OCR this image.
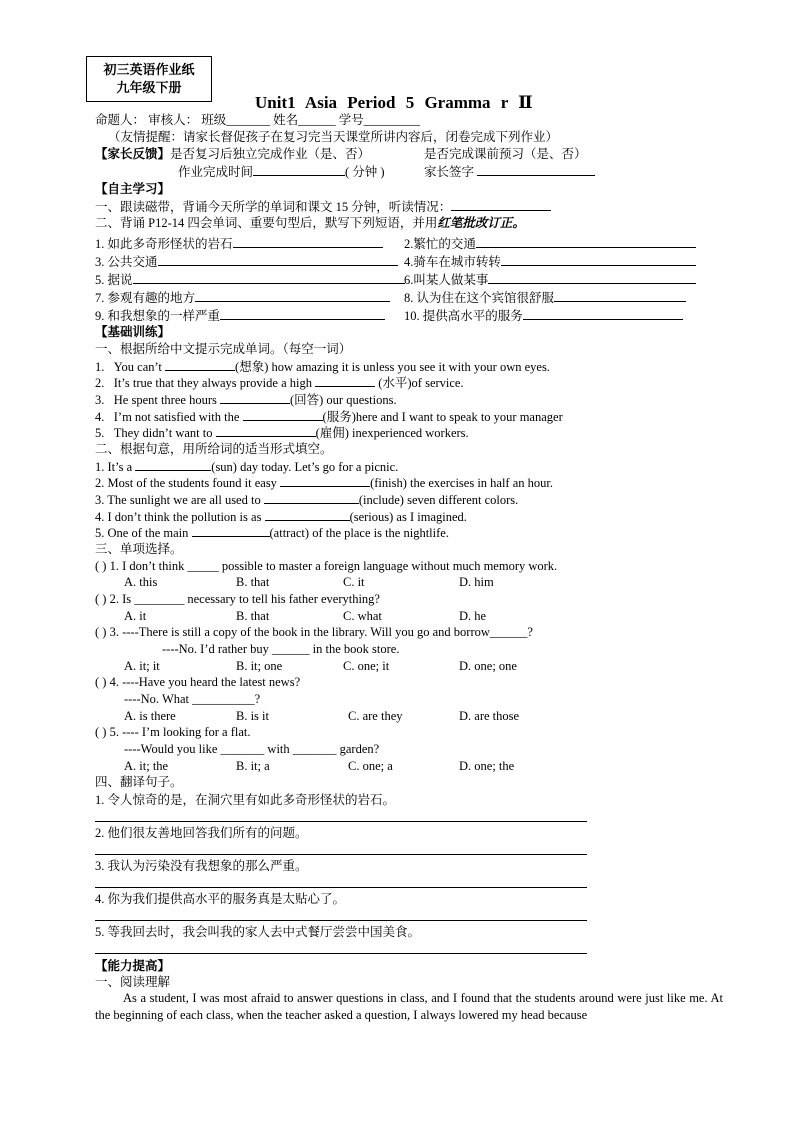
初三英语作业纸
九年级下册
Unit1 Asia Period 5 Gramma r Ⅱ
命题人： 审核人： 班级_______ 姓名______ 学号_________
（友情提醒：请家长督促孩子在复习完当天课堂所讲内容后，闭卷完成下列作业）
【家长反馈】是否复习后独立完成作业（是、否）	是否完成课前预习（是、否）
作业完成时间	( 分钟 )	家长签字
【自主学习】
一、跟读磁带，背诵今天所学的单词和课文 15 分钟，听读情况：
二、背诵 P12-14 四会单词、重要句型后，默写下列短语，并用红笔批改订正。
1. 如此多奇形怪状的岩石	2.繁忙的交通
3. 公共交通	4.骑车在城市转转
5. 据说	6.叫某人做某事
7. 参观有趣的地方	8. 认为住在这个宾馆很舒服
9. 和我想象的一样严重	10. 提供高水平的服务
【基础训练】
一、根据所给中文提示完成单词。（每空一词）
1. You can’t	(想象) how amazing it is unless you see it with your own eyes.
2. It’s true that they always provide a high	(水平)of service.
3. He spent three hours	(回答) our questions.
4. I’m not satisfied with the	(服务)here and I want to speak to your manager
5. They didn’t want to	(雇佣) inexperienced workers.
二、根据句意，用所给词的适当形式填空。
1. It’s a	(sun) day today. Let’s go for a picnic.
2. Most of the students found it easy	(finish) the exercises in half an hour.
3. The sunlight we are all used to	(include) seven different colors.
4. I don’t think the pollution is as	(serious) as I imagined.
5. One of the main	(attract) of the place is the nightlife.
三、单项选择。
( ) 1. I don’t think _____ possible to master a foreign language without much memory work.
A. this	B. that	C. it	D. him
( ) 2. Is ________ necessary to tell his father everything?
A. it	B. that	C. what	D. he
( ) 3. ----There is still a copy of the book in the library. Will you go and borrow______?
----No. I’d rather buy ______ in the book store.
A. it; it	B. it; one	C. one; it	D. one; one
( ) 4. ----Have you heard the latest news?
----No. What __________?
A. is there	B. is it	C. are they	D. are those
( ) 5. ---- I’m looking for a flat.
----Would you like _______ with _______ garden?
A. it; the	B. it; a	C. one; a	D. one; the
四、翻译句子。
1. 令人惊奇的是，在洞穴里有如此多奇形怪状的岩石。
2. 他们很友善地回答我们所有的问题。
3. 我认为污染没有我想象的那么严重。
4. 你为我们提供高水平的服务真是太贴心了。
5. 等我回去时，我会叫我的家人去中式餐厅尝尝中国美食。
【能力提高】
一、阅读理解
As a student, I was most afraid to answer questions in class, and I found that the students around were just like me. At the beginning of each class, when the teacher asked a question, I always lowered my head because
